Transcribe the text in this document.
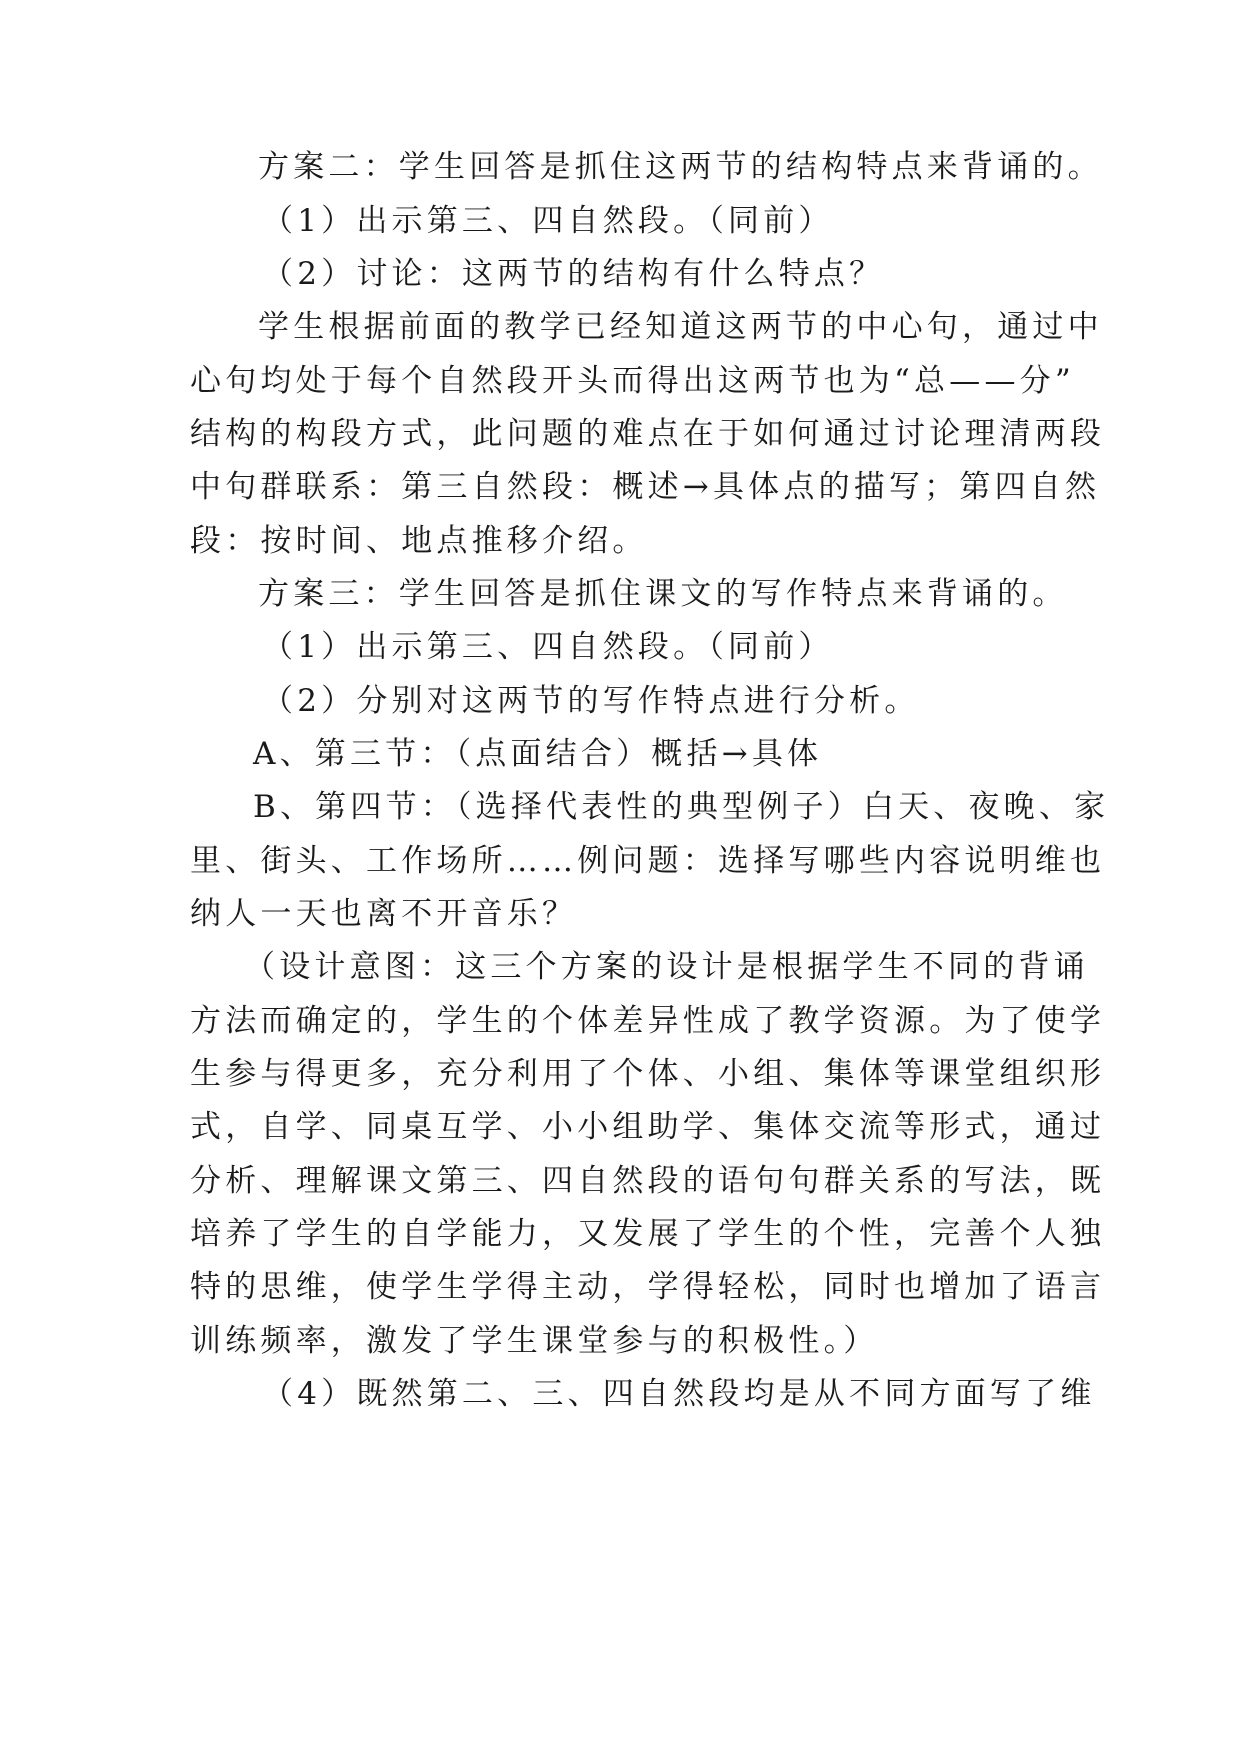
方案二：学生回答是抓住这两节的结构特点来背诵的。
（1）出示第三、四自然段。（同前）
（2）讨论：这两节的结构有什么特点？
学生根据前面的教学已经知道这两节的中心句，通过中
心句均处于每个自然段开头而得出这两节也为“总——分”
结构的构段方式，此问题的难点在于如何通过讨论理清两段
中句群联系：第三自然段：概述→具体点的描写；第四自然
段：按时间、地点推移介绍。
方案三：学生回答是抓住课文的写作特点来背诵的。
（1）出示第三、四自然段。（同前）
（2）分别对这两节的写作特点进行分析。
A、第三节：（点面结合）概括→具体
B、第四节：（选择代表性的典型例子）白天、夜晚、家
里、街头、工作场所……例问题：选择写哪些内容说明维也
纳人一天也离不开音乐？
（设计意图：这三个方案的设计是根据学生不同的背诵
方法而确定的，学生的个体差异性成了教学资源。为了使学
生参与得更多，充分利用了个体、小组、集体等课堂组织形
式，自学、同桌互学、小小组助学、集体交流等形式，通过
分析、理解课文第三、四自然段的语句句群关系的写法，既
培养了学生的自学能力，又发展了学生的个性，完善个人独
特的思维，使学生学得主动，学得轻松，同时也增加了语言
训练频率，激发了学生课堂参与的积极性。）
（4）既然第二、三、四自然段均是从不同方面写了维
